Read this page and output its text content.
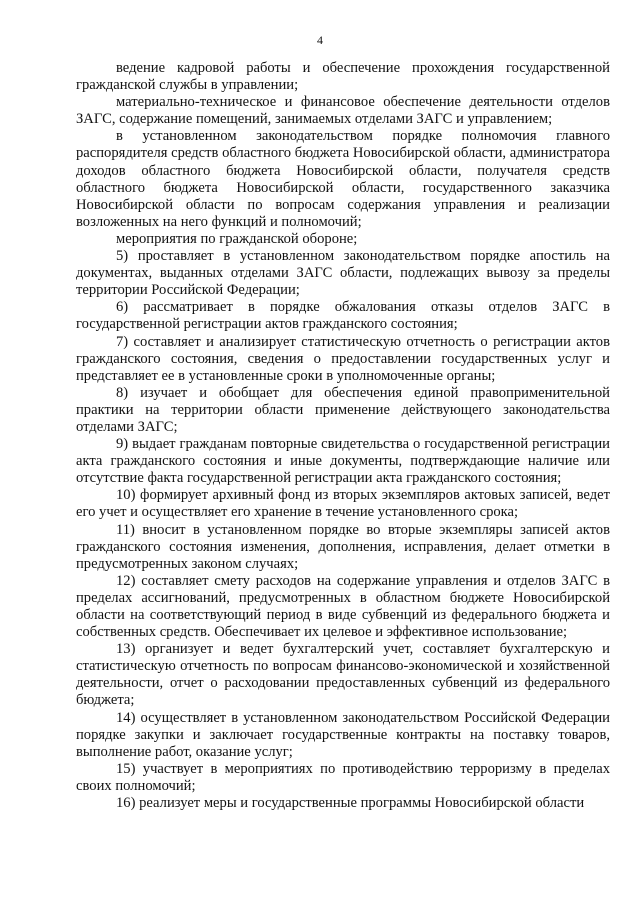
4

ведение кадровой работы и обеспечение прохождения государственной гражданской службы в управлении;

материально-техническое и финансовое обеспечение деятельности отделов ЗАГС, содержание помещений, занимаемых отделами ЗАГС и управлением;

в установленном законодательством порядке полномочия главного распорядителя средств областного бюджета Новосибирской области, администратора доходов областного бюджета Новосибирской области, получателя средств областного бюджета Новосибирской области, государственного заказчика Новосибирской области по вопросам содержания управления и реализации возложенных на него функций и полномочий;

мероприятия по гражданской обороне;

5) проставляет в установленном законодательством порядке апостиль на документах, выданных отделами ЗАГС области, подлежащих вывозу за пределы территории Российской Федерации;

6) рассматривает в порядке обжалования отказы отделов ЗАГС в государственной регистрации актов гражданского состояния;

7) составляет и анализирует статистическую отчетность о регистрации актов гражданского состояния, сведения о предоставлении государственных услуг и представляет ее в установленные сроки в уполномоченные органы;

8) изучает и обобщает для обеспечения единой правоприменительной практики на территории области применение действующего законодательства отделами ЗАГС;

9) выдает гражданам повторные свидетельства о государственной регистрации акта гражданского состояния и иные документы, подтверждающие наличие или отсутствие факта государственной регистрации акта гражданского состояния;

10) формирует архивный фонд из вторых экземпляров актовых записей, ведет его учет и осуществляет его хранение в течение установленного срока;

11) вносит в установленном порядке во вторые экземпляры записей актов гражданского состояния изменения, дополнения, исправления, делает отметки в предусмотренных законом случаях;

12) составляет смету расходов на содержание управления и отделов ЗАГС в пределах ассигнований, предусмотренных в областном бюджете Новосибирской области на соответствующий период в виде субвенций из федерального бюджета и собственных средств. Обеспечивает их целевое и эффективное использование;

13) организует и ведет бухгалтерский учет, составляет бухгалтерскую и статистическую отчетность по вопросам финансово-экономической и хозяйственной деятельности, отчет о расходовании предоставленных субвенций из федерального бюджета;

14) осуществляет в установленном законодательством Российской Федерации порядке закупки и заключает государственные контракты на поставку товаров, выполнение работ, оказание услуг;

15) участвует в мероприятиях по противодействию терроризму в пределах своих полномочий;

16) реализует меры и государственные программы Новосибирской области
